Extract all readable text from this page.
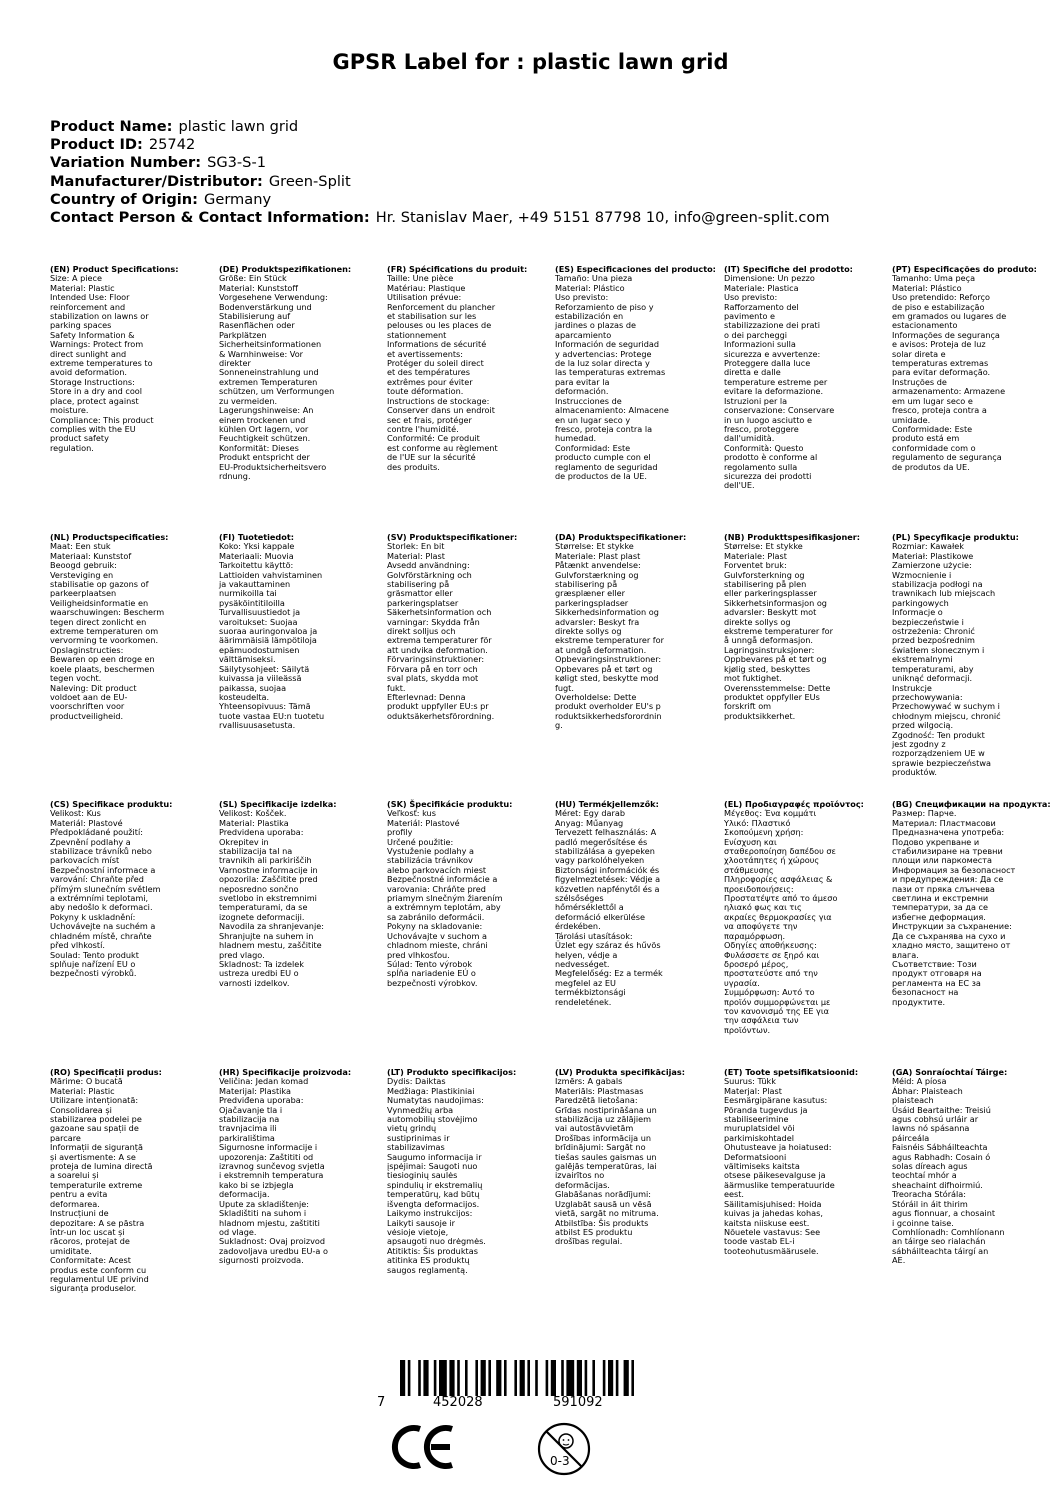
GPSR Label for : plastic lawn grid
Product Name: plastic lawn grid
Product ID: 25742
Variation Number: SG3-S-1
Manufacturer/Distributor: Green-Split
Country of Origin: Germany
Contact Person & Contact Information: Hr. Stanislav Maer, +49 5151 87798 10, info@green-split.com
(EN) Product Specifications:
Size: A piece
Material: Plastic
Intended Use: Floor
reinforcement and
stabilization on lawns or
parking spaces
Safety Information &
Warnings: Protect from
direct sunlight and
extreme temperatures to
avoid deformation.
Storage Instructions:
Store in a dry and cool
place, protect against
moisture.
Compliance: This product
complies with the EU
product safety
regulation.
(DE) Produktspezifikationen:
Größe: Ein Stück
Material: Kunststoff
Vorgesehene Verwendung:
Bodenverstärkung und
Stabilisierung auf
Rasenflächen oder
Parkplätzen
Sicherheitsinformationen
& Warnhinweise: Vor
direkter
Sonneneinstrahlung und
extremen Temperaturen
schützen, um Verformungen
zu vermeiden.
Lagerungshinweise: An
einem trockenen und
kühlen Ort lagern, vor
Feuchtigkeit schützen.
Konformität: Dieses
Produkt entspricht der
EU-Produktsicherheitsvero
rdnung.
(FR) Spécifications du produit:
Taille: Une pièce
Matériau: Plastique
Utilisation prévue:
Renforcement du plancher
et stabilisation sur les
pelouses ou les places de
stationnement
Informations de sécurité
et avertissements:
Protéger du soleil direct
et des températures
extrêmes pour éviter
toute déformation.
Instructions de stockage:
Conserver dans un endroit
sec et frais, protéger
contre l'humidité.
Conformité: Ce produit
est conforme au règlement
de l'UE sur la sécurité
des produits.
(ES) Especificaciones del producto:
Tamaño: Una pieza
Material: Plástico
Uso previsto:
Reforzamiento de piso y
estabilización en
jardines o plazas de
aparcamiento
Información de seguridad
y advertencias: Protege
de la luz solar directa y
las temperaturas extremas
para evitar la
deformación.
Instrucciones de
almacenamiento: Almacene
en un lugar seco y
fresco, proteja contra la
humedad.
Conformidad: Este
producto cumple con el
reglamento de seguridad
de productos de la UE.
(IT) Specifiche del prodotto:
Dimensione: Un pezzo
Materiale: Plastica
Uso previsto:
Rafforzamento del
pavimento e
stabilizzazione dei prati
o dei parcheggi
Informazioni sulla
sicurezza e avvertenze:
Proteggere dalla luce
diretta e dalle
temperature estreme per
evitare la deformazione.
Istruzioni per la
conservazione: Conservare
in un luogo asciutto e
fresco, proteggere
dall'umidità.
Conformità: Questo
prodotto è conforme al
regolamento sulla
sicurezza dei prodotti
dell'UE.
(PT) Especificações do produto:
Tamanho: Uma peça
Material: Plástico
Uso pretendido: Reforço
de piso e estabilização
em gramados ou lugares de
estacionamento
Informações de segurança
e avisos: Proteja de luz
solar direta e
temperaturas extremas
para evitar deformação.
Instruções de
armazenamento: Armazene
em um lugar seco e
fresco, proteja contra a
umidade.
Conformidade: Este
produto está em
conformidade com o
regulamento de segurança
de produtos da UE.
(NL) Productspecificaties:
Maat: Een stuk
Materiaal: Kunststof
Beoogd gebruik:
Versteviging en
stabilisatie op gazons of
parkeerplaatsen
Veiligheidsinformatie en
waarschuwingen: Bescherm
tegen direct zonlicht en
extreme temperaturen om
vervorming te voorkomen.
Opslaginstructies:
Bewaren op een droge en
koele plaats, beschermen
tegen vocht.
Naleving: Dit product
voldoet aan de EU-
voorschriften voor
productveiligheid.
(FI) Tuotetiedot:
Koko: Yksi kappale
Materiaali: Muovia
Tarkoitettu käyttö:
Lattioiden vahvistaminen
ja vakauttaminen
nurmikoilla tai
pysäköintitiloilla
Turvallisuustiedot ja
varoitukset: Suojaa
suoraa auringonvaloa ja
äärimmäisiä lämpötiloja
epämuodostumisen
välttämiseksi.
Säilytysohjeet: Säilytä
kuivassa ja viileässä
paikassa, suojaa
kosteudelta.
Yhteensopivuus: Tämä
tuote vastaa EU:n tuotetu
rvallisuusasetusta.
(SV) Produktspecifikationer:
Storlek: En bit
Material: Plast
Avsedd användning:
Golvförstärkning och
stabilisering på
gräsmattor eller
parkeringsplatser
Säkerhetsinformation och
varningar: Skydda från
direkt solljus och
extrema temperaturer för
att undvika deformation.
Förvaringsinstruktioner:
Förvara på en torr och
sval plats, skydda mot
fukt.
Efterlevnad: Denna
produkt uppfyller EU:s pr
oduktsäkerhetsförordning.
(DA) Produktspecifikationer:
Størrelse: Et stykke
Materiale: Plast plast
Påtænkt anvendelse:
Gulvforstærkning og
stabilisering på
græsplæner eller
parkeringspladser
Sikkerhedsinformation og
advarsler: Beskyt fra
direkte sollys og
ekstreme temperaturer for
at undgå deformation.
Opbevaringsinstruktioner:
Opbevares på et tørt og
køligt sted, beskytte mod
fugt.
Overholdelse: Dette
produkt overholder EU's p
roduktsikkerhedsforordnin
g.
(NB) Produkttspesifikasjoner:
Størrelse: Et stykke
Materiale: Plast
Forventet bruk:
Gulvforsterkning og
stabilisering på plen
eller parkeringsplasser
Sikkerhetsinformasjon og
advarsler: Beskytt mot
direkte sollys og
ekstreme temperaturer for
å unngå deformasjon.
Lagringsinstruksjoner:
Oppbevares på et tørt og
kjølig sted, beskyttes
mot fuktighet.
Overensstemmelse: Dette
produktet oppfyller EUs
forskrift om
produktsikkerhet.
(PL) Specyfikacje produktu:
Rozmiar: Kawałek
Materiał: Plastikowe
Zamierzone użycie:
Wzmocnienie i
stabilizacja podłogi na
trawnikach lub miejscach
parkingowych
Informacje o
bezpieczeństwie i
ostrzeżenia: Chronić
przed bezpośrednim
światłem słonecznym i
ekstremalnymi
temperaturami, aby
uniknąć deformacji.
Instrukcje
przechowywania:
Przechowywać w suchym i
chłodnym miejscu, chronić
przed wilgocią.
Zgodność: Ten produkt
jest zgodny z
rozporządzeniem UE w
sprawie bezpieczeństwa
produktów.
(CS) Specifikace produktu:
Velikost: Kus
Materiál: Plastové
Předpokládané použití:
Zpevnění podlahy a
stabilizace trávníků nebo
parkovacích míst
Bezpečnostní informace a
varování: Chraňte před
přímým slunečním světlem
a extrémními teplotami,
aby nedošlo k deformaci.
Pokyny k uskladnění:
Uchovávejte na suchém a
chladném místě, chraňte
před vlhkostí.
Soulad: Tento produkt
splňuje nařízení EU o
bezpečnosti výrobků.
(SL) Specifikacije izdelka:
Velikost: Košček.
Material: Plastika
Predvidena uporaba:
Okrepitev in
stabilizacija tal na
travnikih ali parkiriščih
Varnostne informacije in
opozorila: Zaščitite pred
neposredno sončno
svetlobo in ekstremnimi
temperaturami, da se
izognete deformaciji.
Navodila za shranjevanje:
Shranjujte na suhem in
hladnem mestu, zaščitite
pred vlago.
Skladnost: Ta izdelek
ustreza uredbi EU o
varnosti izdelkov.
(SK) Špecifikácie produktu:
Veľkosť: kus
Materiál: Plastové
profily
Určené použitie:
Vystuženie podlahy a
stabilizácia trávnikov
alebo parkovacích miest
Bezpečnostné informácie a
varovania: Chráňte pred
priamym slnečným žiarením
a extrémnym teplotám, aby
sa zabránilo deformácii.
Pokyny na skladovanie:
Uchovávajte v suchom a
chladnom mieste, chráni
pred vlhkosťou.
Súlad: Tento výrobok
spĺňa nariadenie EÚ o
bezpečnosti výrobkov.
(HU) Termékjellemzők:
Méret: Egy darab
Anyag: Műanyag
Tervezett felhasználás: A
padló megerősítése és
stabilizálása a gyepeken
vagy parkolóhelyeken
Biztonsági információk és
figyelmeztetések: Védje a
közvetlen napfénytől és a
szélsőséges
hőmérséklettől a
deformáció elkerülése
érdekében.
Tárolási utasítások:
Üzlet egy száraz és hűvös
helyen, védje a
nedvességet.
Megfelelőség: Ez a termék
megfelel az EU
termékbiztonsági
rendeletének.
(EL) Προδιαγραφές προϊόντος:
Μέγεθος: Ένα κομμάτι
Υλικό: Πλαστικό
Σκοπούμενη χρήση:
Ενίσχυση και
σταθεροποίηση δαπέδου σε
χλοοτάπητες ή χώρους
στάθμευσης
Πληροφορίες ασφάλειας &
προειδοποιήσεις:
Προστατέψτε από το άμεσο
ηλιακό φως και τις
ακραίες θερμοκρασίες για
να αποφύγετε την
παραμόρφωση.
Οδηγίες αποθήκευσης:
Φυλάσσετε σε ξηρό και
δροσερό μέρος,
προστατεύστε από την
υγρασία.
Συμμόρφωση: Αυτό το
προϊόν συμμορφώνεται με
τον κανονισμό της ΕΕ για
την ασφάλεια των
προϊόντων.
(BG) Спецификации на продукта:
Размер: Парче.
Материал: Пластмасови
Предназначена употреба:
Подово укрепване и
стабилизиране на тревни
площи или паркоместа
Информация за безопасност
и предупреждения: Да се
пази от пряка слънчева
светлина и екстремни
температури, за да се
избегне деформация.
Инструкции за съхранение:
Да се съхранява на сухо и
хладно място, защитено от
влага.
Съответствие: Този
продукт отговаря на
регламента на ЕС за
безопасност на
продуктите.
(RO) Specificații produs:
Mărime: O bucată
Material: Plastic
Utilizare intenționată:
Consolidarea și
stabilizarea podelei pe
gazoane sau spații de
parcare
Informații de siguranță
și avertismente: A se
proteja de lumina directă
a soarelui și
temperaturile extreme
pentru a evita
deformarea.
Instrucțiuni de
depozitare: A se păstra
într-un loc uscat și
răcoros, protejat de
umiditate.
Conformitate: Acest
produs este conform cu
regulamentul UE privind
siguranța produselor.
(HR) Specifikacije proizvoda:
Veličina: Jedan komad
Materijal: Plastika
Predviđena uporaba:
Ojačavanje tla i
stabilizacija na
travnjacima ili
parkiralištima
Sigurnosne informacije i
upozorenja: Zaštititi od
izravnog sunčevog svjetla
i ekstremnih temperatura
kako bi se izbjegla
deformacija.
Upute za skladištenje:
Skladištiti na suhom i
hladnom mjestu, zaštititi
od vlage.
Sukladnost: Ovaj proizvod
zadovoljava uredbu EU-a o
sigurnosti proizvoda.
(LT) Produkto specifikacijos:
Dydis: Daiktas
Medžiaga: Plastikiniai
Numatytas naudojimas:
Vynmedžių arba
automobilių stovėjimo
vietų grindų
sustiprinimas ir
stabilizavimas
Saugumo informacija ir
įspėjimai: Saugoti nuo
tiesioginių saulės
spindulių ir ekstremalių
temperatūrų, kad būtų
išvengta deformacijos.
Laikymo instrukcijos:
Laikyti sausoje ir
vėsioje vietoje,
apsaugoti nuo drėgmės.
Atitiktis: Šis produktas
atitinka ES produktų
saugos reglamentą.
(LV) Produkta specifikācijas:
Izmērs: A gabals
Materiāls: Plastmasas
Paredzētā lietošana:
Grīdas nostiprināšana un
stabilizācija uz zālājiem
vai autostāvvietām
Drošības informācija un
brīdinājumi: Sargāt no
tiešas saules gaismas un
galējās temperatūras, lai
izvairītos no
deformācijas.
Glabāšanas norādījumi:
Uzglabāt sausā un vēsā
vietā, sargāt no mitruma.
Atbilstība: Šis produkts
atbilst ES produktu
drošības regulai.
(ET) Toote spetsifikatsioonid:
Suurus: Tükk
Materjal: Plast
Eesmärgipärane kasutus:
Põranda tugevdus ja
stabiliseerimine
muruplatsidel või
parkimiskohtadel
Ohutusteave ja hoiatused:
Deformatsiooni
vältimiseks kaitsta
otsese päikesevalguse ja
äärmuslike temperatuuride
eest.
Säilitamisjuhised: Hoida
kuivas ja jahedas kohas,
kaitsta niiskuse eest.
Nõuetele vastavus: See
toode vastab EL-i
tooteohutusmäärusele.
(GA) Sonraíochtaí Táirge:
Méid: A píosa
Ábhar: Plaisteach
plaisteach
Úsáid Beartaithe: Treisiú
agus cobhsú urláir ar
lawns nó spásanna
páirceála
Faisnéis Sábháilteachta
agus Rabhadh: Cosain ó
solas díreach agus
teochtaí mhór a
sheachaint difhoirmiú.
Treoracha Stórála:
Stóráil in áit thirim
agus fionnuar, a chosaint
i gcoinne taise.
Comhlíonadh: Comhlíonann
an táirge seo rialachán
sábháilteachta táirgí an
AE.
7	452028	591092
0-3
